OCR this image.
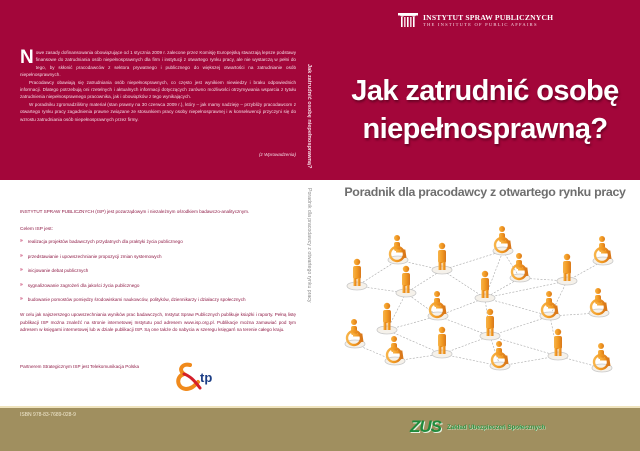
Nowe zasady dofinansowania obowiązujące od 1 stycznia 2009 r. zalecone przez Komisję Europejską stwarzają lepsze podstawy finansowe do zatrudniania osób niepełnosprawnych dla firm i instytucji z otwartego rynku pracy, ale nie wystarczą w pełni do tego, by skłonić pracodawców z sektora prywatnego i publicznego do większej otwartości na zatrudnianie osób niepełnosprawnych.

Pracodawcy obawiają się zatrudniania osób niepełnosprawnych, co często jest wynikiem niewiedzy i braku odpowiednich informacji. Dlatego potrzebują oni rzetelnych i aktualnych informacji dotyczących zarówno możliwości otrzymywania wsparcia z tytułu zatrudnienia niepełnosprawnego pracownika, jak i obowiązków z tego wynikających.

W poradniku zgromadziliśmy materiał (stan prawny na 30 czerwca 2009 r.), który – jak mamy nadzieję – przybliży pracodawcom z otwartego rynku pracy zagadnienia prawne związane ze stosunkiem pracy osoby niepełnosprawnej i w konsekwencji przyczyni się do wzrostu zatrudniania osób niepełnosprawnych przez firmy.

(z Wprowadzenia)
INSTYTUT SPRAW PUBLICZNYCH (ISP) jest pozarządowym i niezależnym ośrodkiem badawczo-analitycznym.
Celem ISP jest:
» realizacja projektów badawczych przydatnych dla praktyki życia publicznego
» przedstawianie i upowszechnianie propozycji zmian systemowych
» inicjowanie debat publicznych
» sygnalizowanie zagrożeń dla jakości życia publicznego
» budowanie pomostów pomiędzy środowiskami naukowców, polityków, dziennikarzy i działaczy społecznych
W celu jak najszerszego upowszechniania wyników prac badawczych, Instytut Spraw Publicznych publikuje książki i raporty. Pełną listę publikacji ISP można znaleźć na stronie internetowej Instytutu pod adresem www.isp.org.pl. Publikacje można zamawiać pod tym adresem w księgarni internetowej lub w dziale publikacji ISP. Są one także do nabycia w szeregu księgarń na terenie całego kraju.
Partnerem Strategicznym ISP jest Telekomunikacja Polska
tp
ISBN 978-83-7689-028-9
Jak zatrudnić osobę niepełnosprawną?
Poradnik dla pracodawcy z otwartego rynku pracy
INSTYTUT SPRAW PUBLICZNYCH
THE INSTITUTE OF PUBLIC AFFAIRS
Jak zatrudnić osobę
niepełnosprawną?
Poradnik dla pracodawcy z otwartego rynku pracy
ZUS Zakład Ubezpieczeń Społecznych
